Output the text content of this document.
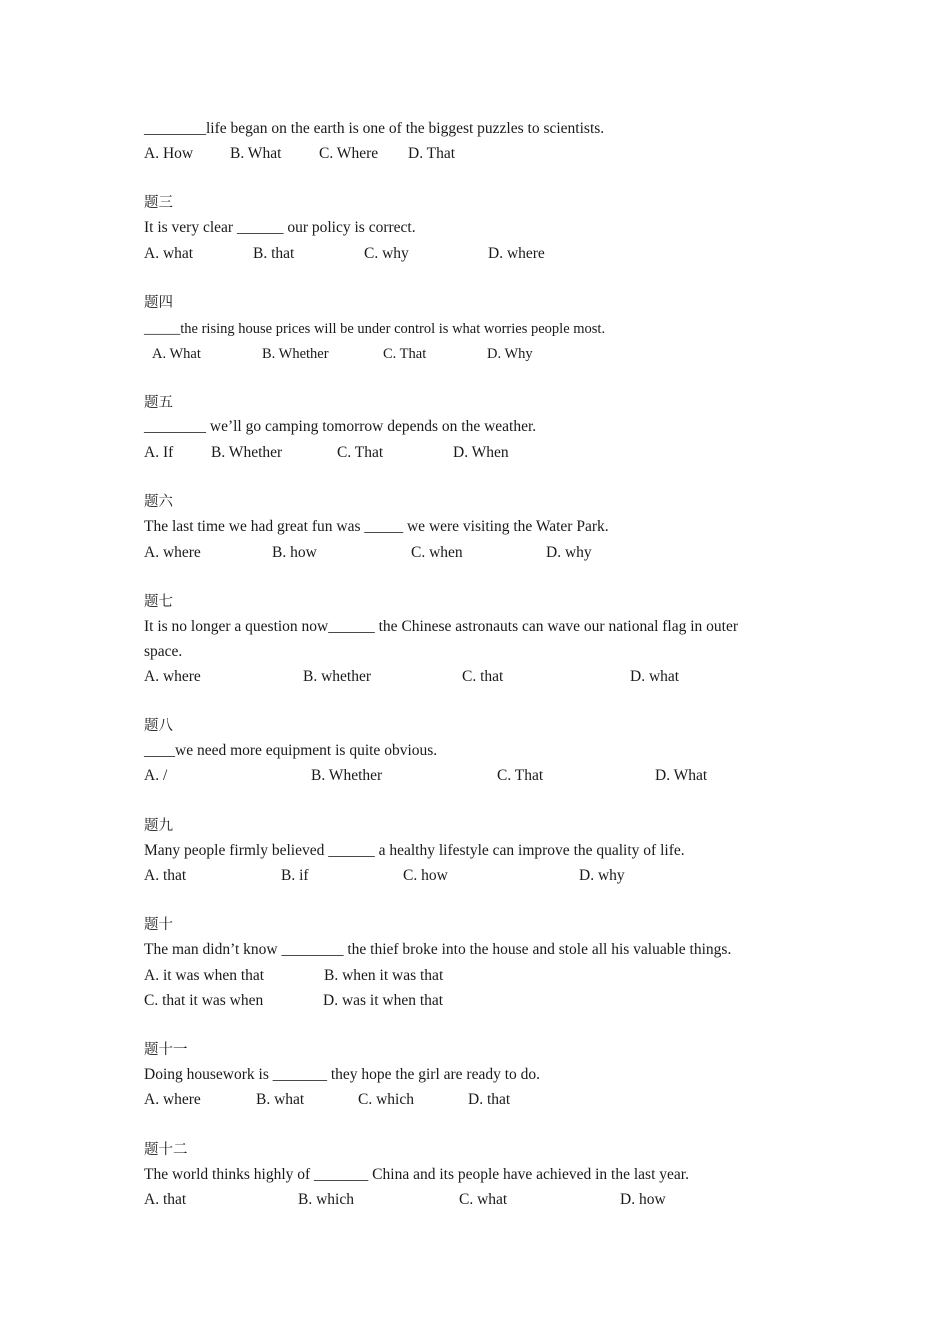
________life began on the earth is one of the biggest puzzles to scientists.
A. How B. What C. Where D. That
题三
It is very clear ______ our policy is correct.
A. what	B. that	C. why	D. where
题四
_____the rising house prices will be under control is what worries people most.
A. What	B. Whether	C. That	D. Why
题五
________ we’ll go camping tomorrow depends on the weather.
A. If B. Whether	C. That	D. When
题六
The last time we had great fun was _____ we were visiting the Water Park.
A. where	B. how	C. when	D. why
题七
It is no longer a question now______ the Chinese astronauts can wave our national flag in outer
space.
A. where	B. whether	C. that	D. what
题八
____we need more equipment is quite obvious.
A. /	B. Whether	C. That	D. What
题九
Many people firmly believed ______ a healthy lifestyle can improve the quality of life.
A. that	B. if	C. how	D. why
题十
The man didn’t know ________ the thief broke into the house and stole all his valuable things.
A. it was when that	B. when it was that
C. that it was when	D. was it when that
题十一
Doing housework is _______ they hope the girl are ready to do.
A. where	B. what	C. which	D. that
题十二
The world thinks highly of _______ China and its people have achieved in the last year.
A. that	B. which	C. what	D. how
